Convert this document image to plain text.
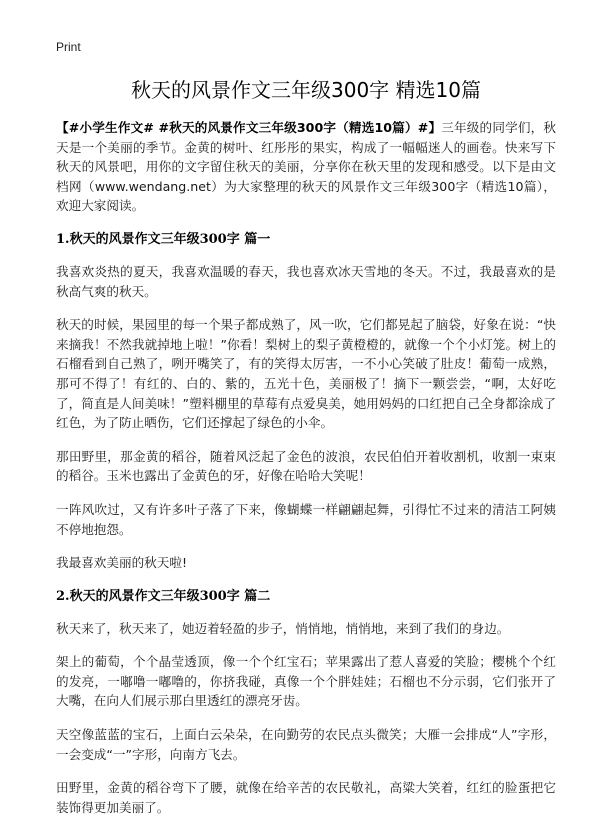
Print
秋天的风景作文三年级300字 精选10篇

【#小学生作文# #秋天的风景作文三年级300字（精选10篇）#】三年级的同学们，秋天是一个美丽的季节。金黄的树叶、红彤彤的果实，构成了一幅幅迷人的画卷。快来写下秋天的风景吧，用你的文字留住秋天的美丽，分享你在秋天里的发现和感受。以下是由文档网（www.wendang.net）为大家整理的秋天的风景作文三年级300字（精选10篇），欢迎大家阅读。

1.秋天的风景作文三年级300字 篇一

我喜欢炎热的夏天，我喜欢温暖的春天，我也喜欢冰天雪地的冬天。不过，我最喜欢的是秋高气爽的秋天。

秋天的时候，果园里的每一个果子都成熟了，风一吹，它们都晃起了脑袋，好象在说：“快来摘我！不然我就掉地上啦！”你看！梨树上的梨子黄橙橙的，就像一个个小灯笼。树上的石榴看到自己熟了，咧开嘴笑了，有的笑得太厉害，一不小心笑破了肚皮！葡萄一成熟，那可不得了！有红的、白的、紫的，五光十色，美丽极了！摘下一颗尝尝，“啊，太好吃了，简直是人间美味！”塑料棚里的草莓有点爱臭美，她用妈妈的口红把自己全身都涂成了红色，为了防止晒伤，它们还撑起了绿色的小伞。

那田野里，那金黄的稻谷，随着风泛起了金色的波浪，农民伯伯开着收割机，收割一束束的稻谷。玉米也露出了金黄色的牙，好像在哈哈大笑呢！

一阵风吹过，又有许多叶子落了下来，像蝴蝶一样翩翩起舞，引得忙不过来的清洁工阿姨不停地抱怨。

我最喜欢美丽的秋天啦!

2.秋天的风景作文三年级300字 篇二

秋天来了，秋天来了，她迈着轻盈的步子，悄悄地，悄悄地，来到了我们的身边。

架上的葡萄，个个晶莹透顶，像一个个红宝石；苹果露出了惹人喜爱的笑脸；樱桃个个红的发亮，一嘟噜一嘟噜的，你挤我碰，真像一个个胖娃娃；石榴也不分示弱，它们张开了大嘴，在向人们展示那白里透红的漂亮牙齿。

天空像蓝蓝的宝石，上面白云朵朵，在向勤劳的农民点头微笑；大雁一会排成“人”字形，一会变成“一”字形，向南方飞去。

田野里，金黄的稻谷弯下了腰，就像在给辛苦的农民敬礼，高粱大笑着，红红的脸蛋把它装饰得更加美丽了。
